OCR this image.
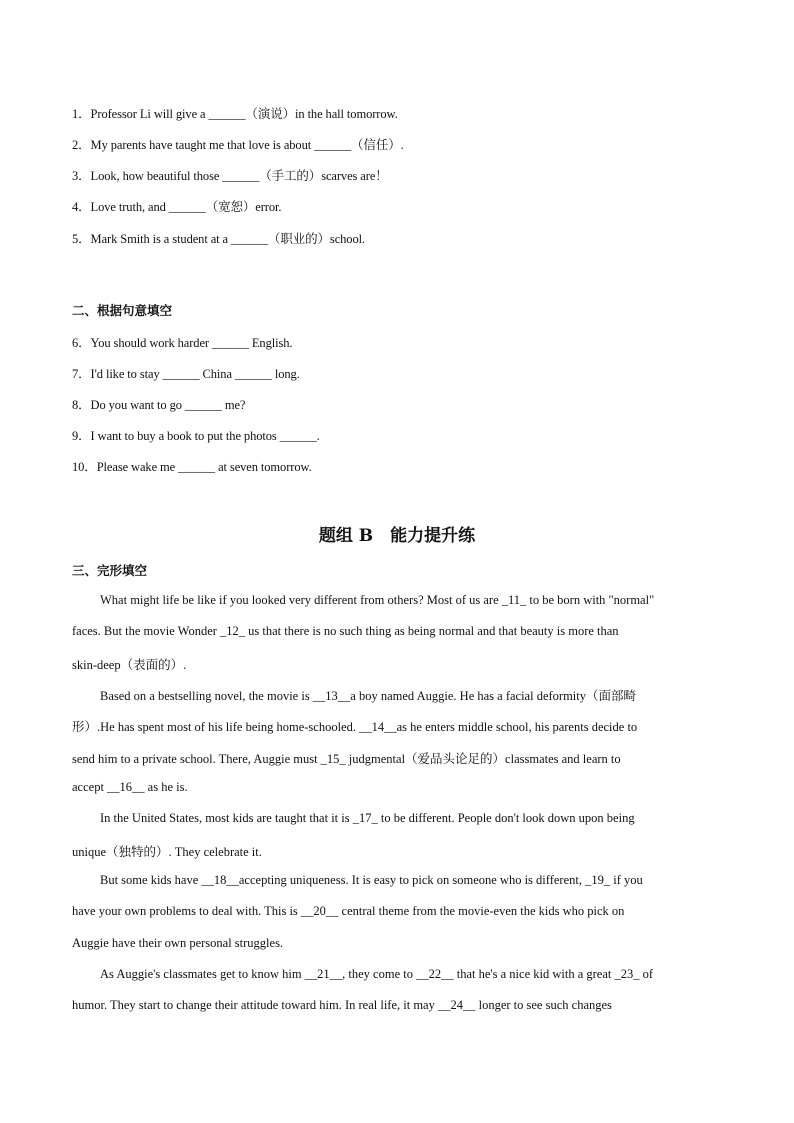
1．Professor Li will give a ______（演说）in the hall tomorrow.
2．My parents have taught me that love is about ______（信任）.
3．Look, how beautiful those ______（手工的）scarves are！
4．Love truth, and ______（宽恕）error.
5．Mark Smith is a student at a ______（职业的）school.
二、根据句意填空
6．You should work harder ______ English.
7．I'd like to stay ______ China ______ long.
8．Do you want to go ______ me?
9．I want to buy a book to put the photos ______.
10．Please wake me ______ at seven tomorrow.
题组 B　能力提升练
三、完形填空
What might life be like if you looked very different from others? Most of us are _11_ to be born with "normal"
faces. But the movie Wonder _12_ us that there is no such thing as being normal and that beauty is more than
skin-deep（表面的）.
Based on a bestselling novel, the movie is __13__a boy named Auggie. He has a facial deformity（面部畸
形）.He has spent most of his life being home-schooled. __14__as he enters middle school, his parents decide to
send him to a private school. There, Auggie must _15_ judgmental（爱品头论足的）classmates and learn to
accept __16__ as he is.
In the United States, most kids are taught that it is _17_ to be different. People don't look down upon being
unique（独特的）. They celebrate it.
But some kids have __18__accepting uniqueness. It is easy to pick on someone who is different, _19_ if you
have your own problems to deal with. This is __20__ central theme from the movie-even the kids who pick on
Auggie have their own personal struggles.
As Auggie's classmates get to know him __21__, they come to __22__ that he's a nice kid with a great _23_ of
humor. They start to change their attitude toward him. In real life, it may __24__ longer to see such changes
